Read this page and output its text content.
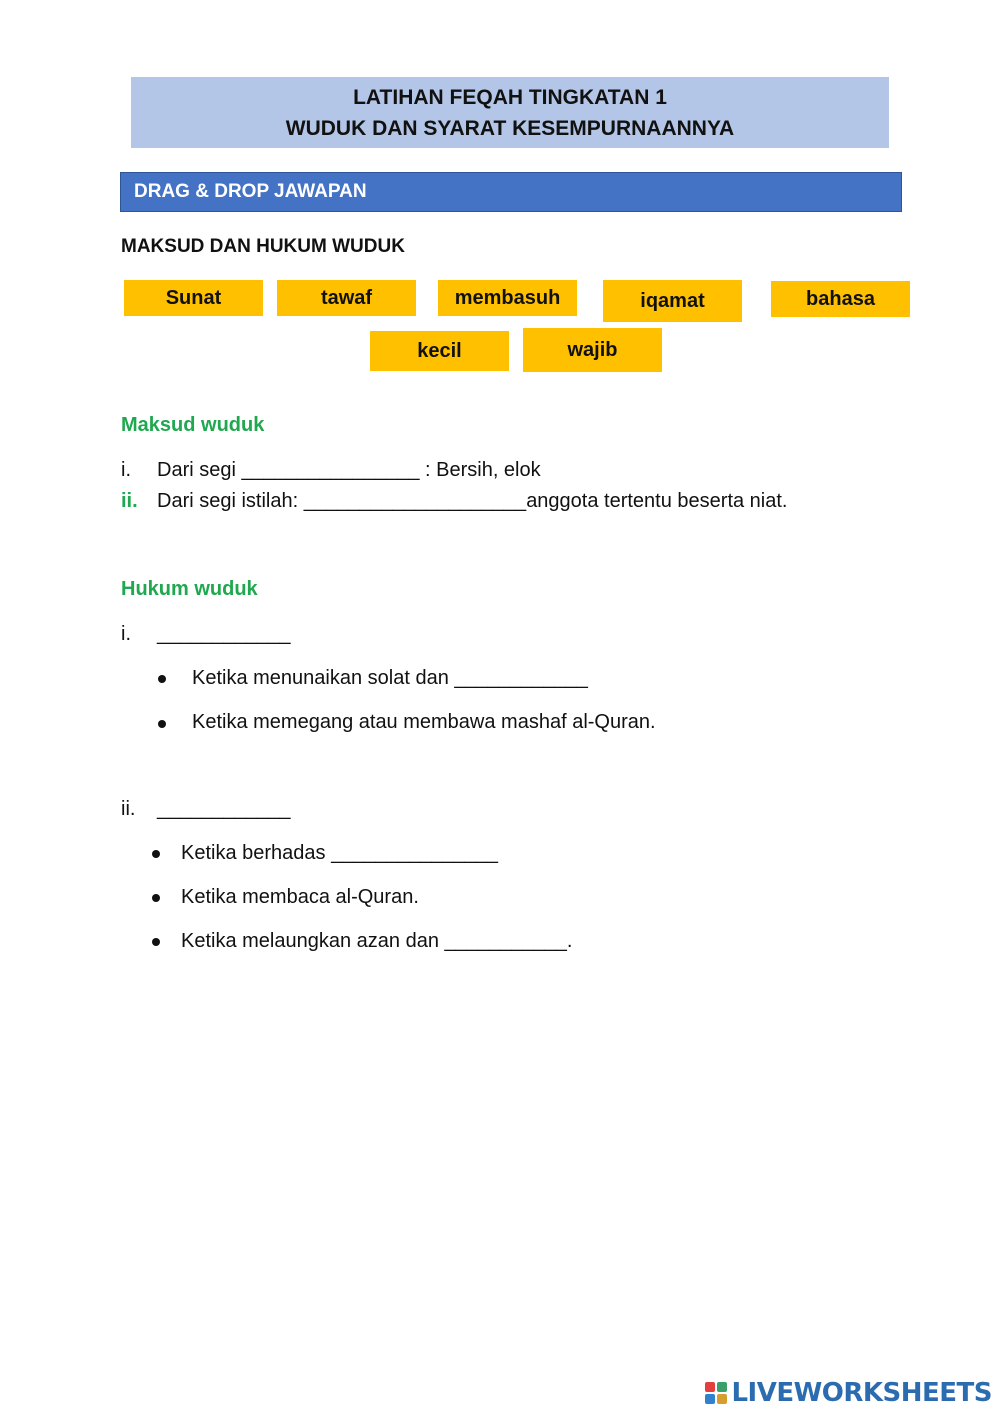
LATIHAN FEQAH TINGKATAN 1
WUDUK DAN SYARAT KESEMPURNAANNYA
DRAG & DROP JAWAPAN
MAKSUD DAN HUKUM WUDUK
Sunat	tawaf	membasuh	iqamat	bahasa
kecil	wajib
Maksud wuduk
i. Dari segi ________________ : Bersih, elok
ii. Dari segi istilah: ____________________anggota tertentu beserta niat.
Hukum wuduk
i. ____________
Ketika menunaikan solat dan ____________
Ketika memegang atau membawa mashaf al-Quran.
ii. ____________
Ketika berhadas _______________
Ketika membaca al-Quran.
Ketika melaungkan azan dan ___________.
LIVEWORKSHEETS
